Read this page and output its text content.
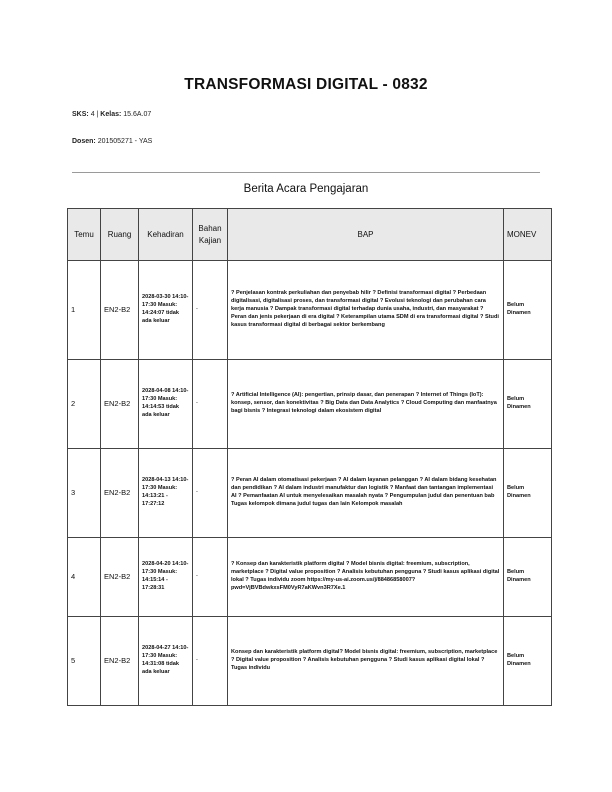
TRANSFORMASI DIGITAL - 0832
SKS: 4 | Kelas: 15.6A.07
Dosen: 201505271 - YAS
Berita Acara Pengajaran
Temu	Ruang	Kehadiran	Bahan Kajian	BAP	MONEV
1	EN2-B2	2028-03-30 14:10-17:30 Masuk: 14:24:07 tidak ada keluar	-	? Penjelasan kontrak perkuliahan dan penyebab hilir ? Definisi transformasi digital ? Perbedaan digitalisasi, digitalisasi proses, dan transformasi digital ? Evolusi teknologi dan perubahan cara kerja manusia ? Dampak transformasi digital terhadap dunia usaha, industri, dan masyarakat ? Peran dan jenis pekerjaan di era digital ? Keterampilan utama SDM di era transformasi digital ? Studi kasus transformasi digital di berbagai sektor berkembang	Belum Dinamen
2	EN2-B2	2028-04-08 14:10-17:30 Masuk: 14:14:53 tidak ada keluar	-	? Artificial Intelligence (AI): pengertian, prinsip dasar, dan penerapan ? Internet of Things (IoT): konsep, sensor, dan konektivitas ? Big Data dan Data Analytics ? Cloud Computing dan manfaatnya bagi bisnis ? Integrasi teknologi dalam ekosistem digital	Belum Dinamen
3	EN2-B2	2028-04-13 14:10-17:30 Masuk: 14:13:21 - 17:27:12	-	? Peran AI dalam otomatisasi pekerjaan ? AI dalam layanan pelanggan ? AI dalam bidang kesehatan dan pendidikan ? AI dalam industri manufaktur dan logistik ? Manfaat dan tantangan implementasi AI ? Pemanfaatan AI untuk menyelesaikan masalah nyata ? Pengumpulan judul dan penentuan bab Tugas kelompok dimana judul tugas dan lain Kelompok masalah	Belum Dinamen
4	EN2-B2	2028-04-20 14:10-17:30 Masuk: 14:15:14 - 17:28:31	-	? Konsep dan karakteristik platform digital ? Model bisnis digital: freemium, subscription, marketplace ? Digital value proposition ? Analisis kebutuhan pengguna ? Studi kasus aplikasi digital lokal ? Tugas individu zoom https://my-us-ai.zoom.us/j/88486858007?pwd=VjBVBdwkxsFM0VyR7aKWvn3R7Xe.1	Belum Dinamen
5	EN2-B2	2028-04-27 14:10-17:30 Masuk: 14:31:08 tidak ada keluar	-	Konsep dan karakteristik platform digital? Model bisnis digital: freemium, subscription, marketplace ? Digital value proposition ? Analisis kebutuhan pengguna ? Studi kasus aplikasi digital lokal ? Tugas individu	Belum Dinamen
